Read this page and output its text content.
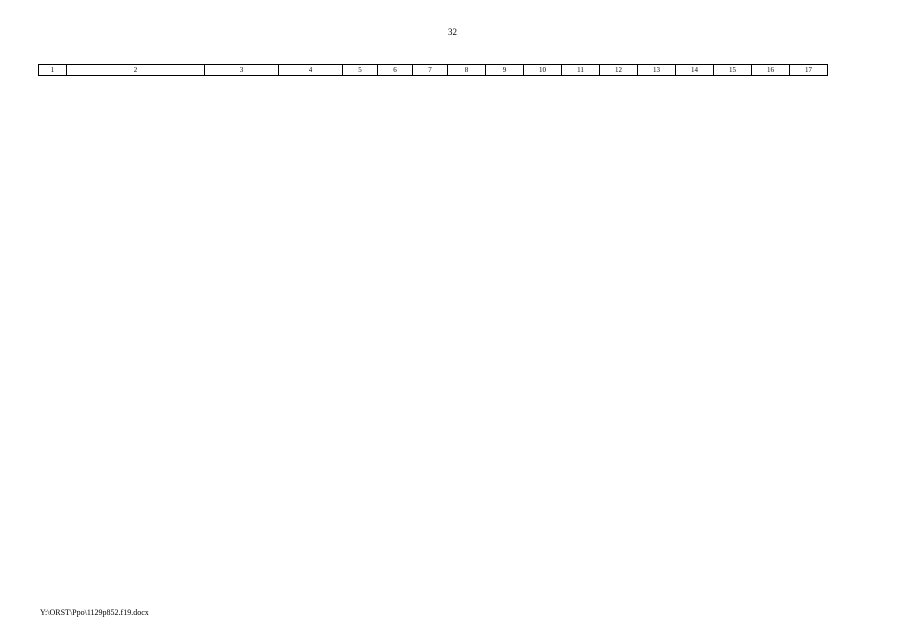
32
1	2	3	4	5	6	7	8	9	10	11	12	13	14	15	16	17
Y:\ORST\Ppo\1129p852.f19.docx
